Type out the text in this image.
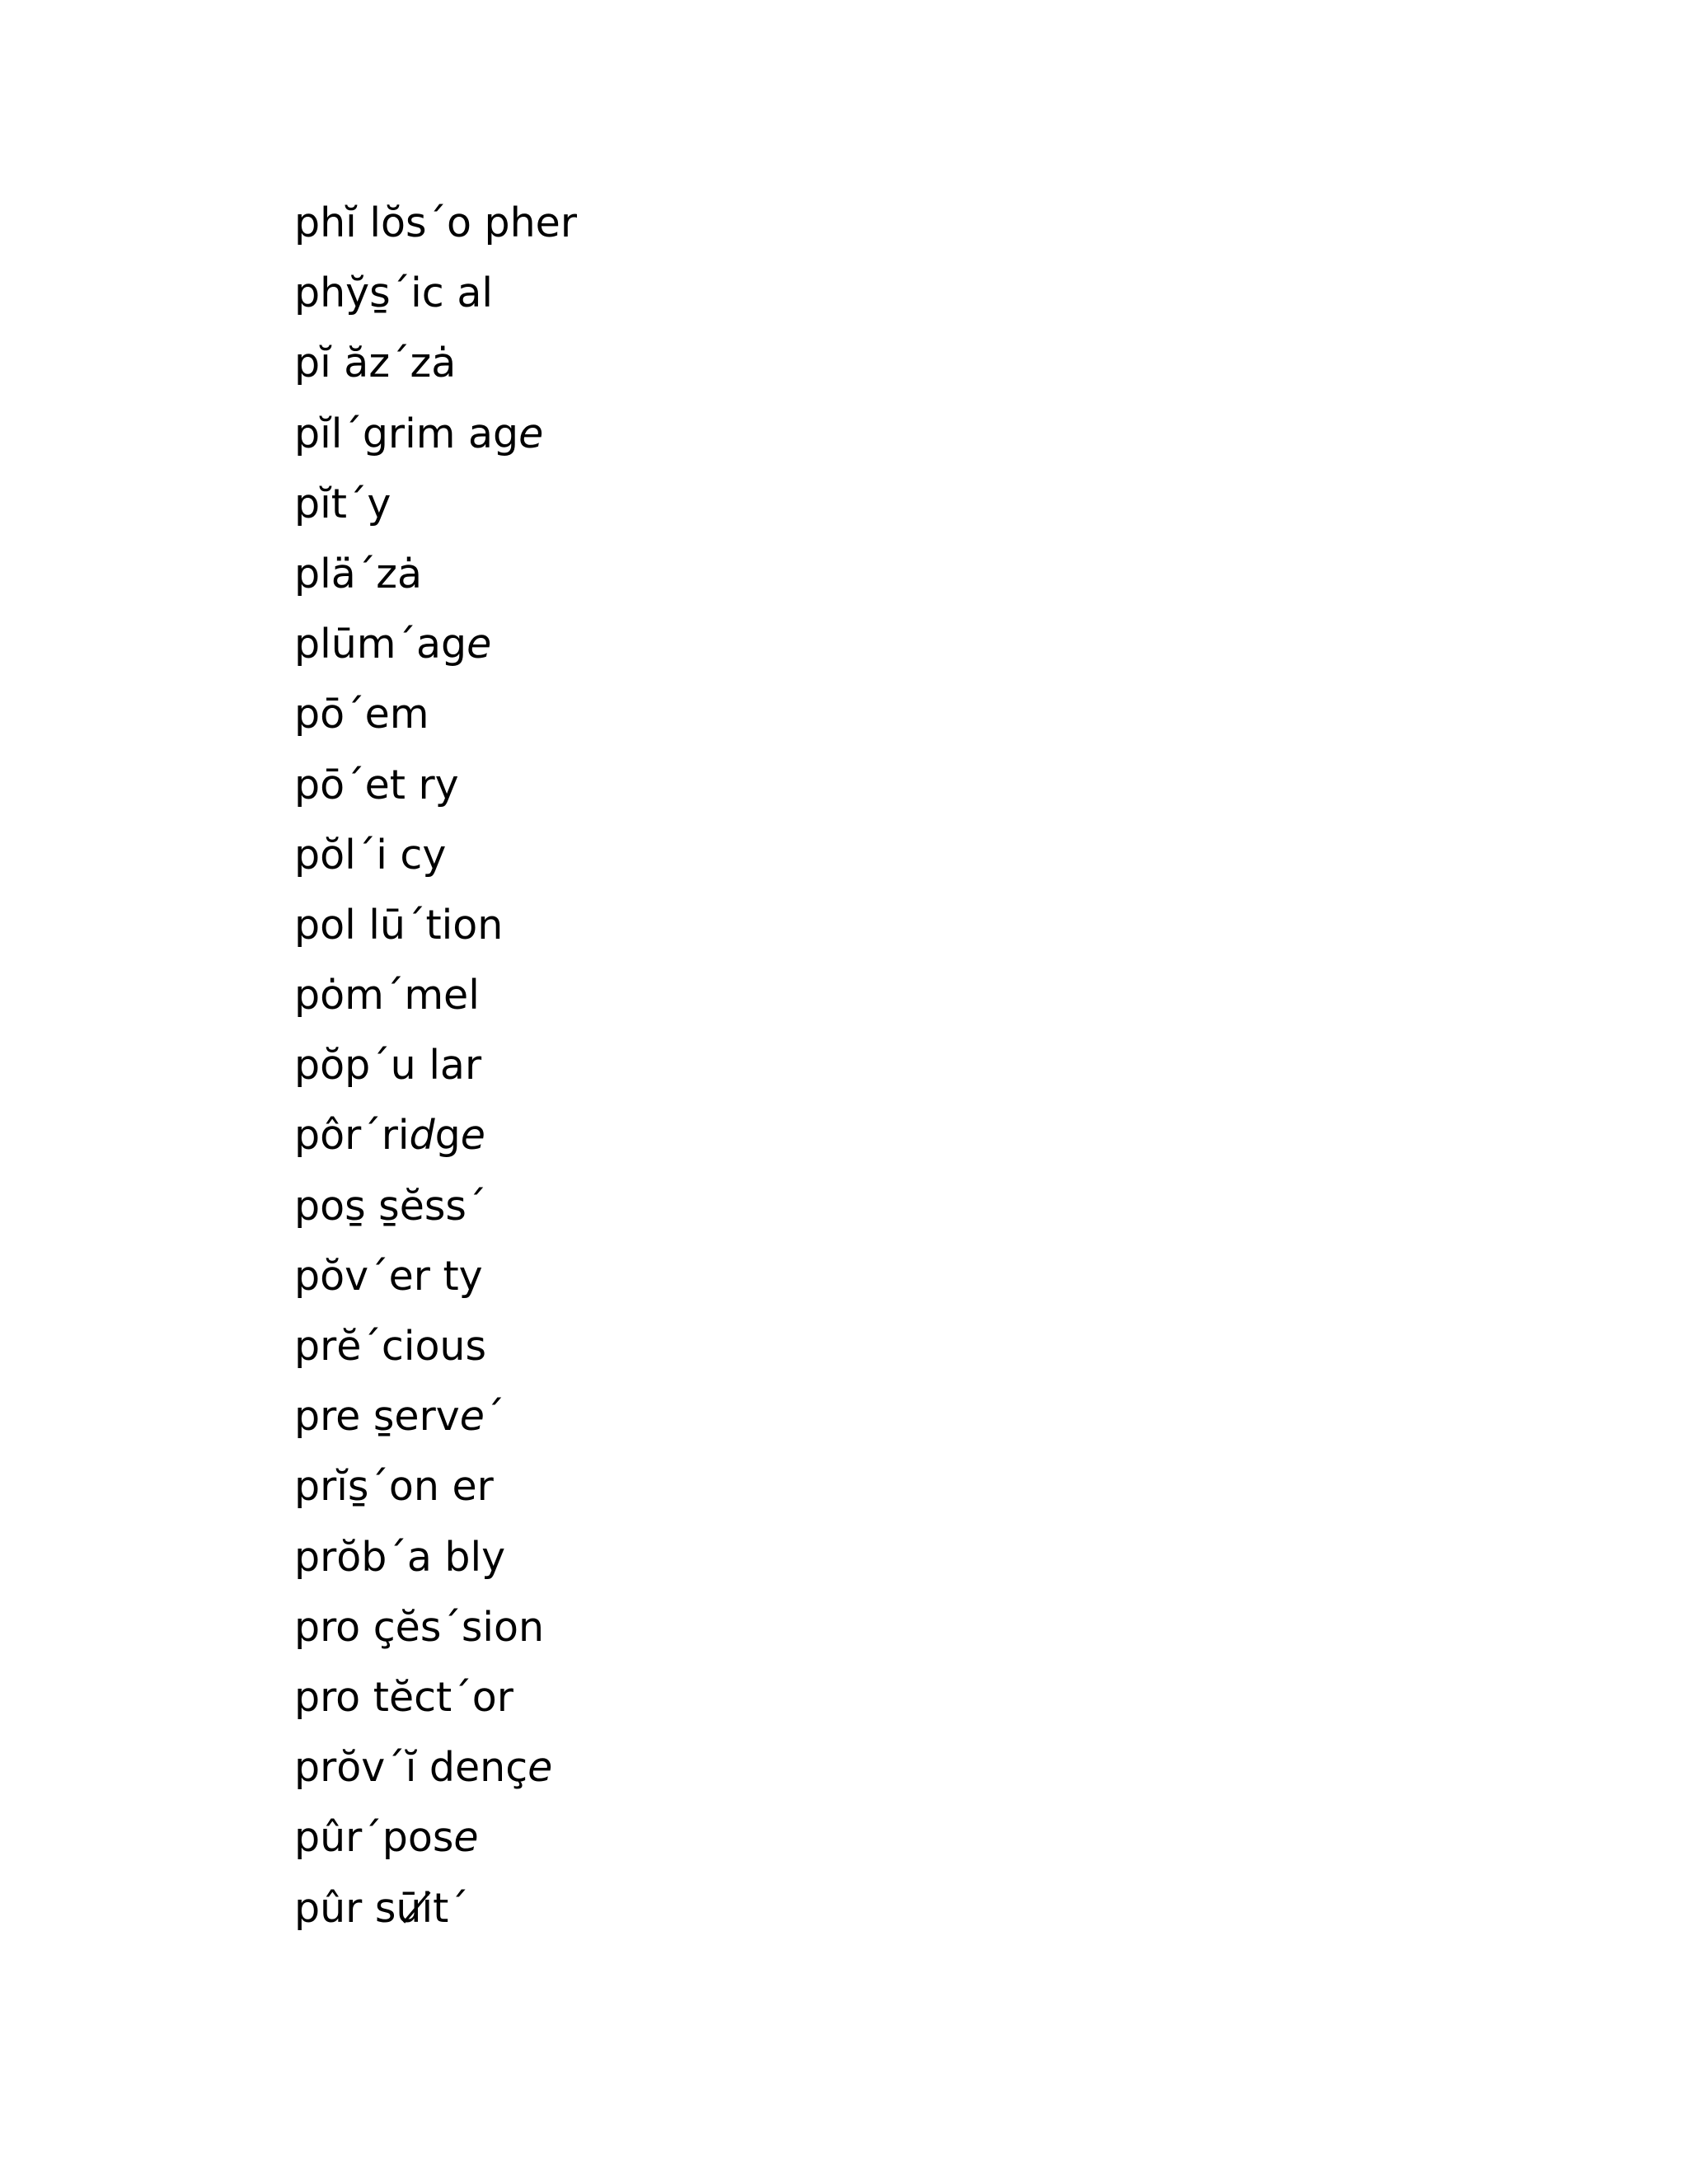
phĭ lŏs´o pher
phy̆s̱´ic al
pĭ ăz´zȧ
pĭl´grim age
pĭt´y
plä´zȧ
plūm´age
pō´em
pō´et ry
pŏl´i cy
pol lū´tion
pȯm´mel
pŏp´u lar
pôr´ridge
pos̱ s̱ĕss´
pŏv´er ty
prĕ´cious
pre s̱erve´
prĭs̱´on er
prŏb´a bly
pro çĕs´sion
pro tĕct´or
prŏv´ĭ dençe
pûr´pose
pûr sūi̸t´
